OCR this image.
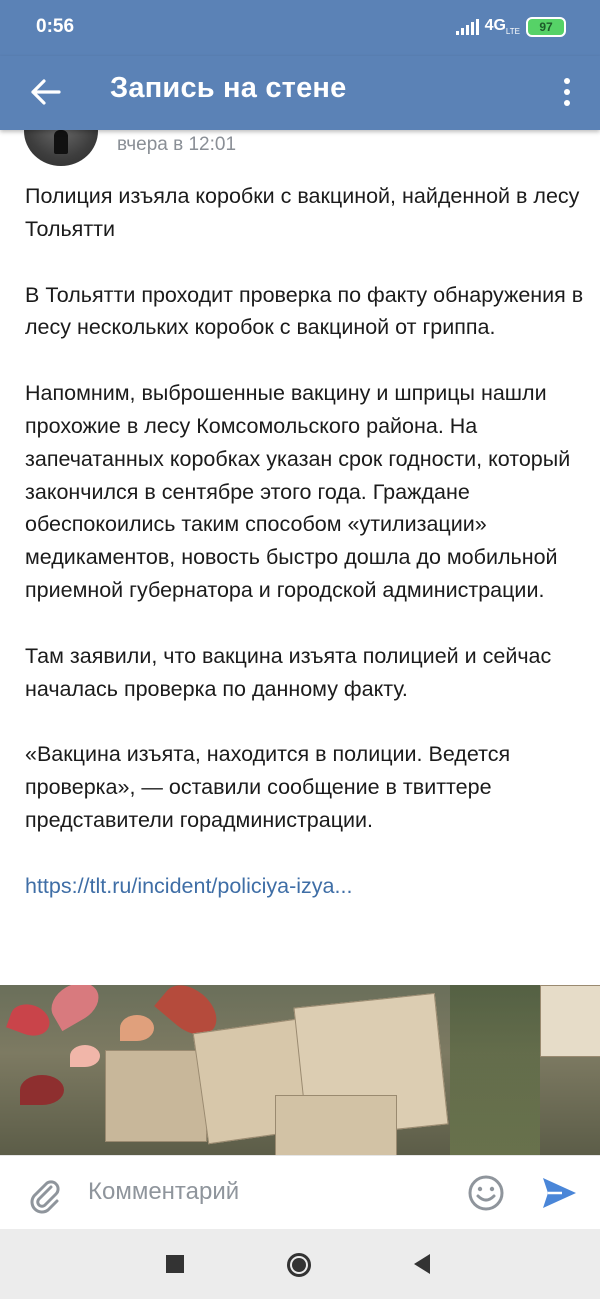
0:56	$4G_{LTE}$ 97
Запись на стене
вчера в 12:01

Полиция изъяла коробки с вакциной, найденной в лесу Тольятти

В Тольятти проходит проверка по факту обнаружения в лесу нескольких коробок с вакциной от гриппа.

Напомним, выброшенные вакцину и шприцы нашли прохожие в лесу Комсомольского района. На запечатанных коробках указан срок годности, который закончился в сентябре этого года. Граждане обеспокоились таким способом «утилизации» медикаментов, новость быстро дошла до мобильной приемной губернатора и городской администрации.

Там заявили, что вакцина изъята полицией и сейчас началась проверка по данному факту.

«Вакцина изъята, находится в полиции. Ведется проверка», — оставили сообщение в твиттере представители горадминистрации.

https://tlt.ru/incident/policiya-izya...

Комментарий
